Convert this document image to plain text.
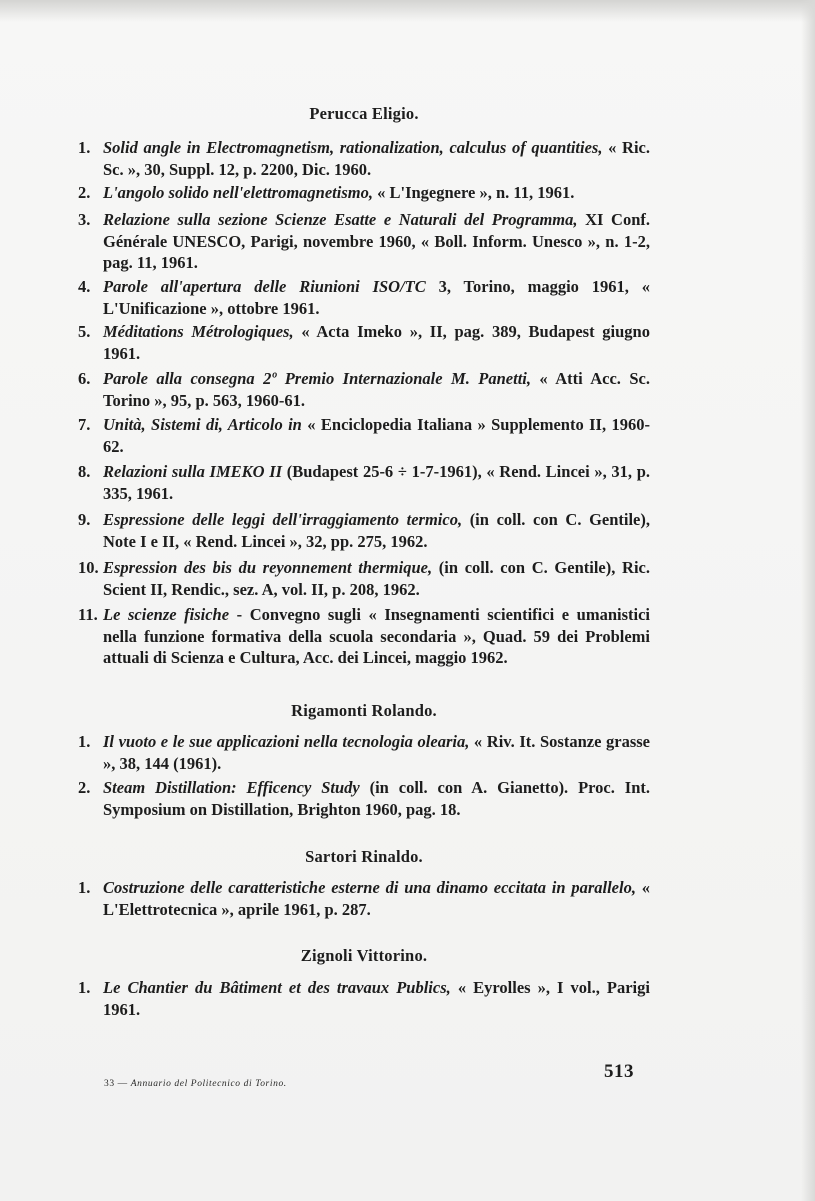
Perucca Eligio.
1. Solid angle in Electromagnetism, rationalization, calculus of quantities, « Ric. Sc. », 30, Suppl. 12, p. 2200, Dic. 1960.
2. L'angolo solido nell'elettromagnetismo, « L'Ingegnere », n. 11, 1961.
3. Relazione sulla sezione Scienze Esatte e Naturali del Programma, XI Conf. Générale UNESCO, Parigi, novembre 1960, « Boll. Inform. Unesco », n. 1-2, pag. 11, 1961.
4. Parole all'apertura delle Riunioni ISO/TC 3, Torino, maggio 1961, « L'Unificazione », ottobre 1961.
5. Méditations Métrologiques, « Acta Imeko », II, pag. 389, Budapest giugno 1961.
6. Parole alla consegna 2º Premio Internazionale M. Panetti, « Atti Acc. Sc. Torino », 95, p. 563, 1960-61.
7. Unità, Sistemi di, Articolo in « Enciclopedia Italiana » Supplemento II, 1960-62.
8. Relazioni sulla IMEKO II (Budapest 25-6 ÷ 1-7-1961), « Rend. Lincei », 31, p. 335, 1961.
9. Espressione delle leggi dell'irraggiamento termico, (in coll. con C. Gentile), Note I e II, « Rend. Lincei », 32, pp. 275, 1962.
10. Espression des bis du reyonnement thermique, (in coll. con C. Gentile), Ric. Scient II, Rendic., sez. A, vol. II, p. 208, 1962.
11. Le scienze fisiche - Convegno sugli « Insegnamenti scientifici e umanistici nella funzione formativa della scuola secondaria », Quad. 59 dei Problemi attuali di Scienza e Cultura, Acc. dei Lincei, maggio 1962.
Rigamonti Rolando.
1. Il vuoto e le sue applicazioni nella tecnologia olearia, « Riv. It. Sostanze grasse », 38, 144 (1961).
2. Steam Distillation: Efficency Study (in coll. con A. Gianetto). Proc. Int. Symposium on Distillation, Brighton 1960, pag. 18.
Sartori Rinaldo.
1. Costruzione delle caratteristiche esterne di una dinamo eccitata in parallelo, « L'Elettrotecnica », aprile 1961, p. 287.
Zignoli Vittorino.
1. Le Chantier du Bâtiment et des travaux Publics, « Eyrolles », I vol., Parigi 1961.
33 — Annuario del Politecnico di Torino.
513
